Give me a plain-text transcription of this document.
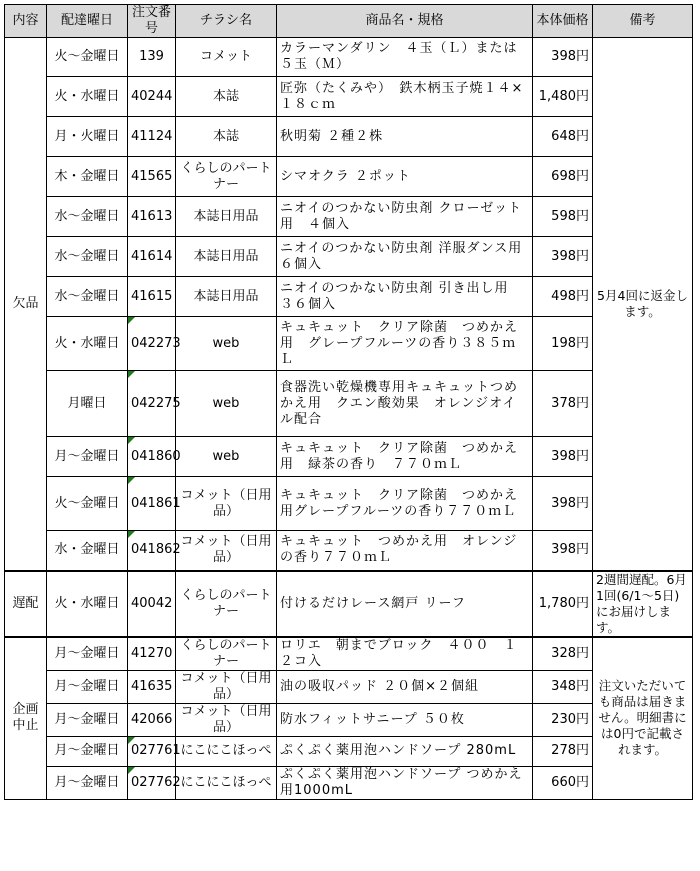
内容	配達曜日	注文番号	チラシ名	商品名・規格	本体価格	備考
欠品	火～金曜日	139	コメット	カラーマンダリン　４玉（Ｌ）または５玉（Ｍ）	398円	5月4回に返金します。
	火・水曜日	40244	本誌	匠弥（たくみや）　鉄木柄玉子焼１４×１８ｃｍ	1,480円	
	月・火曜日	41124	本誌	秋明菊 ２種２株	648円	
	木・金曜日	41565	くらしのパートナー	シマオクラ ２ポット	698円	
	水～金曜日	41613	本誌日用品	ニオイのつかない防虫剤 クローゼット用　４個入	598円	
	水～金曜日	41614	本誌日用品	ニオイのつかない防虫剤 洋服ダンス用　６個入	398円	
	水～金曜日	41615	本誌日用品	ニオイのつかない防虫剤 引き出し用　３６個入	498円	
	火・水曜日	042273	web	キュキュット　クリア除菌　つめかえ用　グレープフルーツの香り３８５ｍＬ	198円	
	月曜日	042275	web	食器洗い乾燥機専用キュキュットつめかえ用　クエン酸効果　オレンジオイル配合	378円	
	月～金曜日	041860	web	キュキュット　クリア除菌　つめかえ用　緑茶の香り　７７０ｍＬ	398円	
	火～金曜日	041861	コメット（日用品）	キュキュット　クリア除菌　つめかえ用グレープフルーツの香り７７０ｍＬ	398円	
	水・金曜日	041862	コメット（日用品）	キュキュット　つめかえ用　オレンジの香り７７０ｍＬ	398円	
遅配	火・水曜日	40042	くらしのパートナー	付けるだけレース網戸 リーフ	1,780円	2週間遅配。6月1回(6/1～5日)にお届けします。
企画中止	月～金曜日	41270	くらしのパートナー	ロリエ　朝までブロック　４００　１２コ入	328円	注文いただいても商品は届きません。明細書には0円で記載されます。
	月～金曜日	41635	コメット（日用品）	油の吸収パッド ２０個×２個組	348円	
	月～金曜日	42066	コメット（日用品）	防水フィットサニープ ５０枚	230円	
	月～金曜日	027761	にこにこほっぺ	ぷくぷく薬用泡ハンドソープ 280mL	278円	
	月～金曜日	027762	にこにこほっぺ	ぷくぷく薬用泡ハンドソープ つめかえ用1000mL	660円	
